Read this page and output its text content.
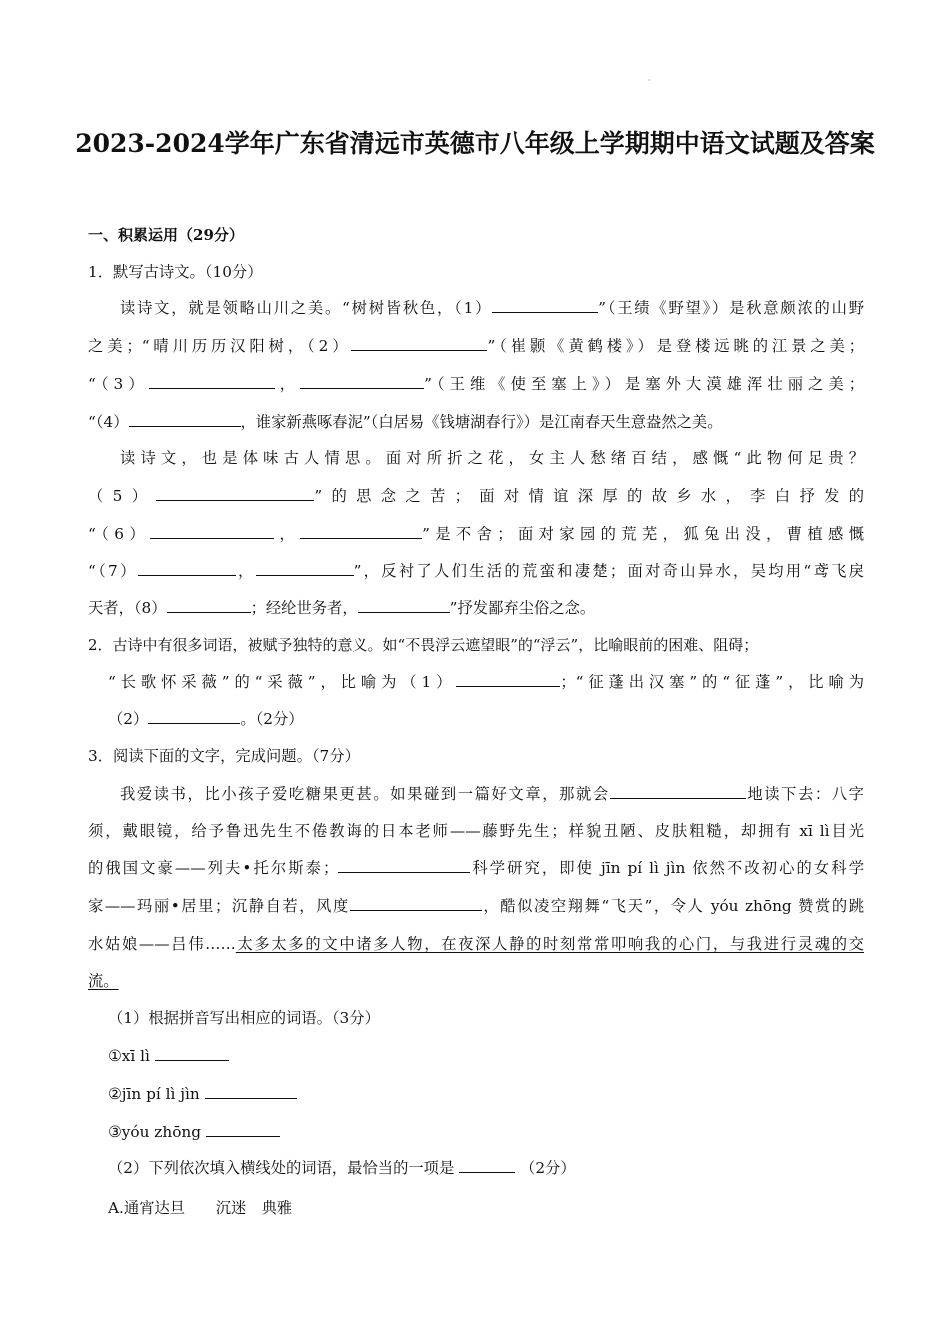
·
2023-2024学年广东省清远市英德市八年级上学期期中语文试题及答案
一、积累运用（29分）
1．默写古诗文。（10分）
读诗文，就是领略山川之美。“树树皆秋色，（1）	”（王绩《野望》）是秋意颇浓的山野
之美；“晴川历历汉阳树，（2）	”（崔颢《黄鹤楼》）是登楼远眺的江景之美；
“（3）	，	”（王维《使至塞上》）是塞外大漠雄浑壮丽之美；
“（4）	，谁家新燕啄春泥”（白居易《钱塘湖春行》）是江南春天生意盎然之美。
读诗文，也是体味古人情思。面对所折之花，女主人愁绪百结，感慨“此物何足贵？
（5）	”的思念之苦；面对情谊深厚的故乡水，李白抒发的
“（6）	，	”是不舍；面对家园的荒芜，狐兔出没，曹植感慨
“（7）	，	”，反衬了人们生活的荒蛮和凄楚；面对奇山异水，吴均用“鸢飞戾
天者，（8）	；经纶世务者，	”抒发鄙弃尘俗之念。
2．古诗中有很多词语，被赋予独特的意义。如“不畏浮云遮望眼”的“浮云”，比喻眼前的困难、阻碍；
“长歌怀采薇”的“采薇”，比喻为（1）	；“征蓬出汉塞”的“征蓬”，比喻为
（2）	。（2分）
3．阅读下面的文字，完成问题。（7分）
我爱读书，比小孩子爱吃糖果更甚。如果碰到一篇好文章，那就会	地读下去：八字
须，戴眼镜，给予鲁迅先生不倦教诲的日本老师——藤野先生；样貌丑陋、皮肤粗糙，却拥有 xī lì目光
的俄国文豪——列夫•托尔斯泰；	科学研究，即使 jīn pí lì jìn 依然不改初心的女科学
家——玛丽•居里；沉静自若，风度	，酷似凌空翔舞“飞天”，令人 yóu zhōng 赞赏的跳
水姑娘——吕伟……太多太多的文中诸多人物，在夜深人静的时刻常常叩响我的心门，与我进行灵魂的交
流。
（1）根据拼音写出相应的词语。（3分）
①xī lì
②jīn pí lì jìn
③yóu zhōng
（2）下列依次填入横线处的词语，最恰当的一项是	（2分）
A.通宵达旦　　沉迷　典雅
